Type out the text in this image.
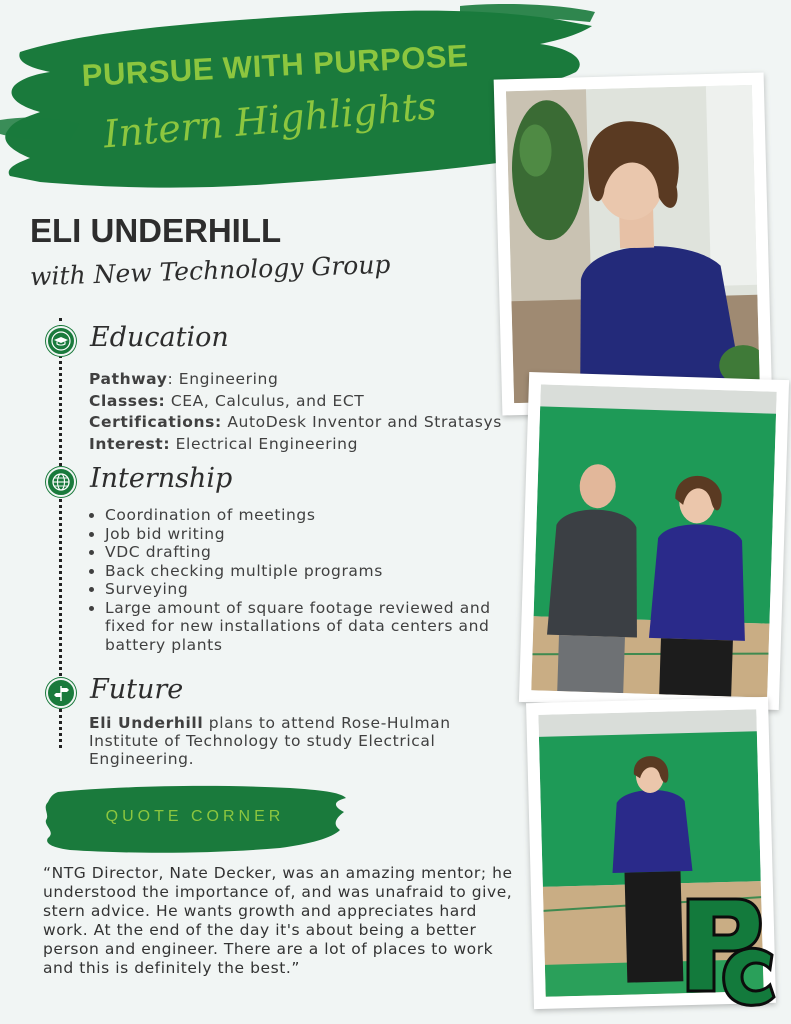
PURSUE WITH PURPOSE
Intern Highlights
ELI UNDERHILL
with New Technology Group
Education
Pathway: Engineering
Classes: CEA, Calculus, and ECT
Certifications: AutoDesk Inventor and Stratasys
Interest: Electrical Engineering
Internship
• Coordination of meetings
• Job bid writing
• VDC drafting
• Back checking multiple programs
• Surveying
• Large amount of square footage reviewed and fixed for new installations of data centers and battery plants
Future
Eli Underhill plans to attend Rose-Hulman Institute of Technology to study Electrical Engineering.
QUOTE CORNER
“NTG Director, Nate Decker, was an amazing mentor; he understood the importance of, and was unafraid to give, stern advice. He wants growth and appreciates hard work. At the end of the day it's about being a better person and engineer. There are a lot of places to work and this is definitely the best.”
